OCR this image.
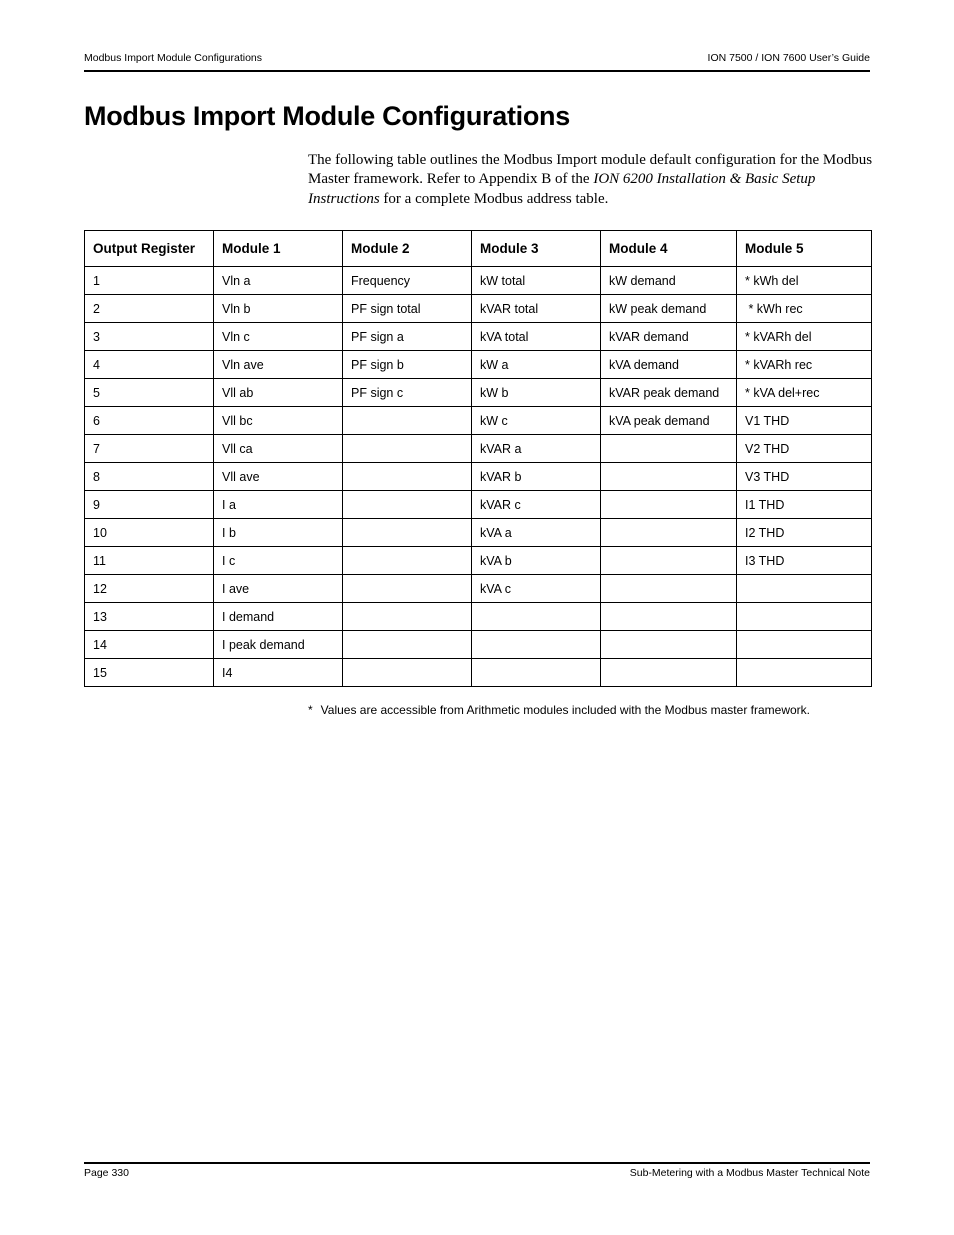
Modbus Import Module Configurations	ION 7500 / ION 7600 User’s Guide
Modbus Import Module Configurations

The following table outlines the Modbus Import module default configuration for the Modbus Master framework. Refer to Appendix B of the ION 6200 Installation & Basic Setup Instructions for a complete Modbus address table.

Output Register	Module 1	Module 2	Module 3	Module 4	Module 5
1	Vln a	Frequency	kW total	kW demand	* kWh del
2	Vln b	PF sign total	kVAR total	kW peak demand	* kWh rec
3	Vln c	PF sign a	kVA total	kVAR demand	* kVARh del
4	Vln ave	PF sign b	kW a	kVA demand	* kVARh rec
5	Vll ab	PF sign c	kW b	kVAR peak demand	* kVA del+rec
6	Vll bc		kW c	kVA peak demand	V1 THD
7	Vll ca		kVAR a		V2 THD
8	Vll ave		kVAR b		V3 THD
9	I a		kVAR c		I1 THD
10	I b		kVA a		I2 THD
11	I c		kVA b		I3 THD
12	I ave		kVA c		
13	I demand				
14	I peak demand				
15	I4				
* Values are accessible from Arithmetic modules included with the Modbus master framework.
Page 330	Sub-Metering with a Modbus Master Technical Note
